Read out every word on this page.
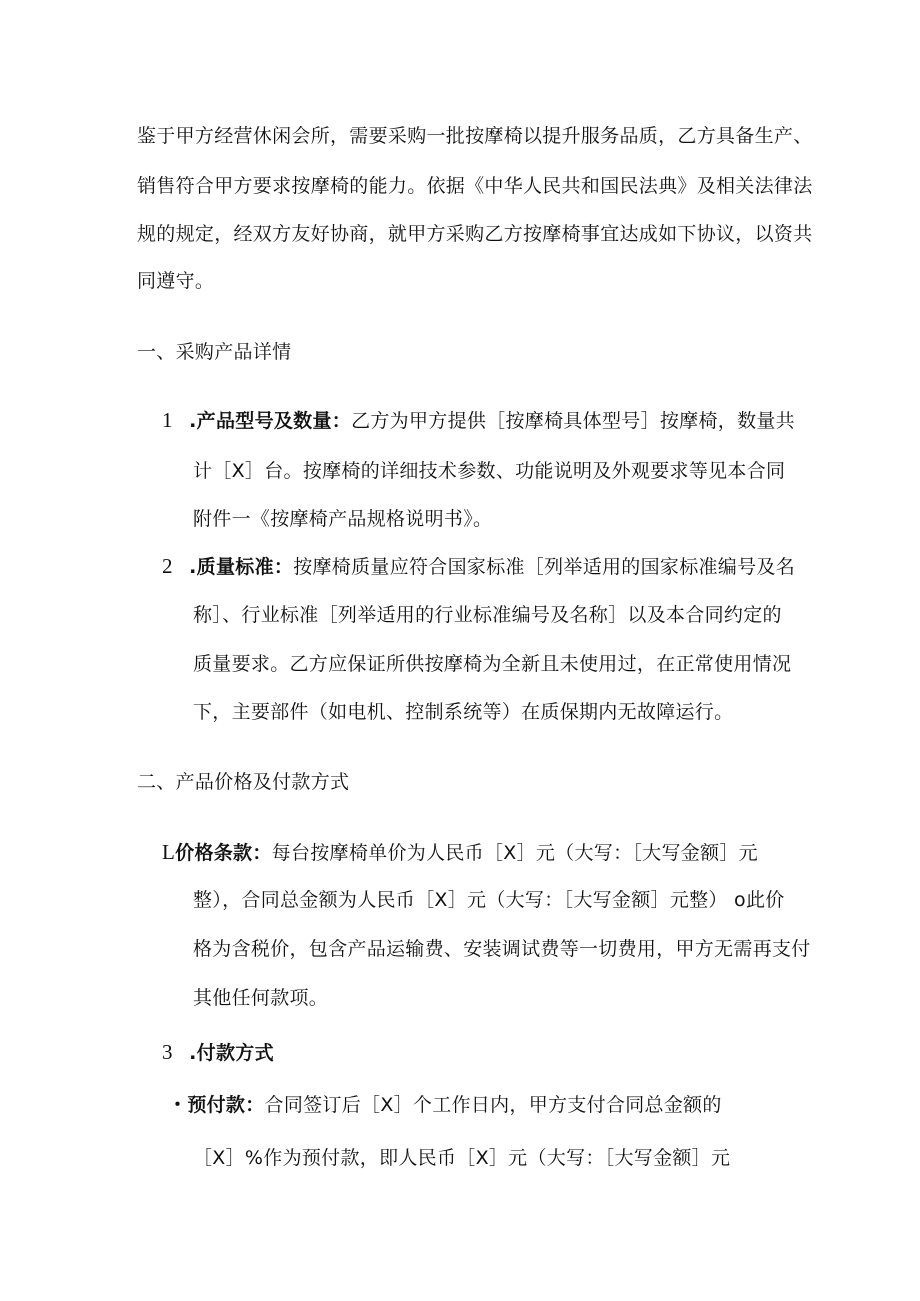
鉴于甲方经营休闲会所，需要采购一批按摩椅以提升服务品质，乙方具备生产、
销售符合甲方要求按摩椅的能力。依据《中华人民共和国民法典》及相关法律法
规的规定，经双方友好协商，就甲方采购乙方按摩椅事宜达成如下协议，以资共
同遵守。
一、采购产品详情
1 .产品型号及数量：乙方为甲方提供［按摩椅具体型号］按摩椅，数量共
计［X］台。按摩椅的详细技术参数、功能说明及外观要求等见本合同
附件一《按摩椅产品规格说明书》。
2 .质量标准：按摩椅质量应符合国家标准［列举适用的国家标准编号及名
称］、行业标准［列举适用的行业标准编号及名称］以及本合同约定的
质量要求。乙方应保证所供按摩椅为全新且未使用过，在正常使用情况
下，主要部件（如电机、控制系统等）在质保期内无故障运行。
二、产品价格及付款方式
L价格条款：每台按摩椅单价为人民币［X］元（大写：［大写金额］元
整），合同总金额为人民币［X］元（大写：［大写金额］元整） o此价
格为含税价，包含产品运输费、安装调试费等一切费用，甲方无需再支付
其他任何款项。
3 .付款方式
・预付款：合同签订后［X］个工作日内，甲方支付合同总金额的
［X］%作为预付款，即人民币［X］元（大写：［大写金额］元
